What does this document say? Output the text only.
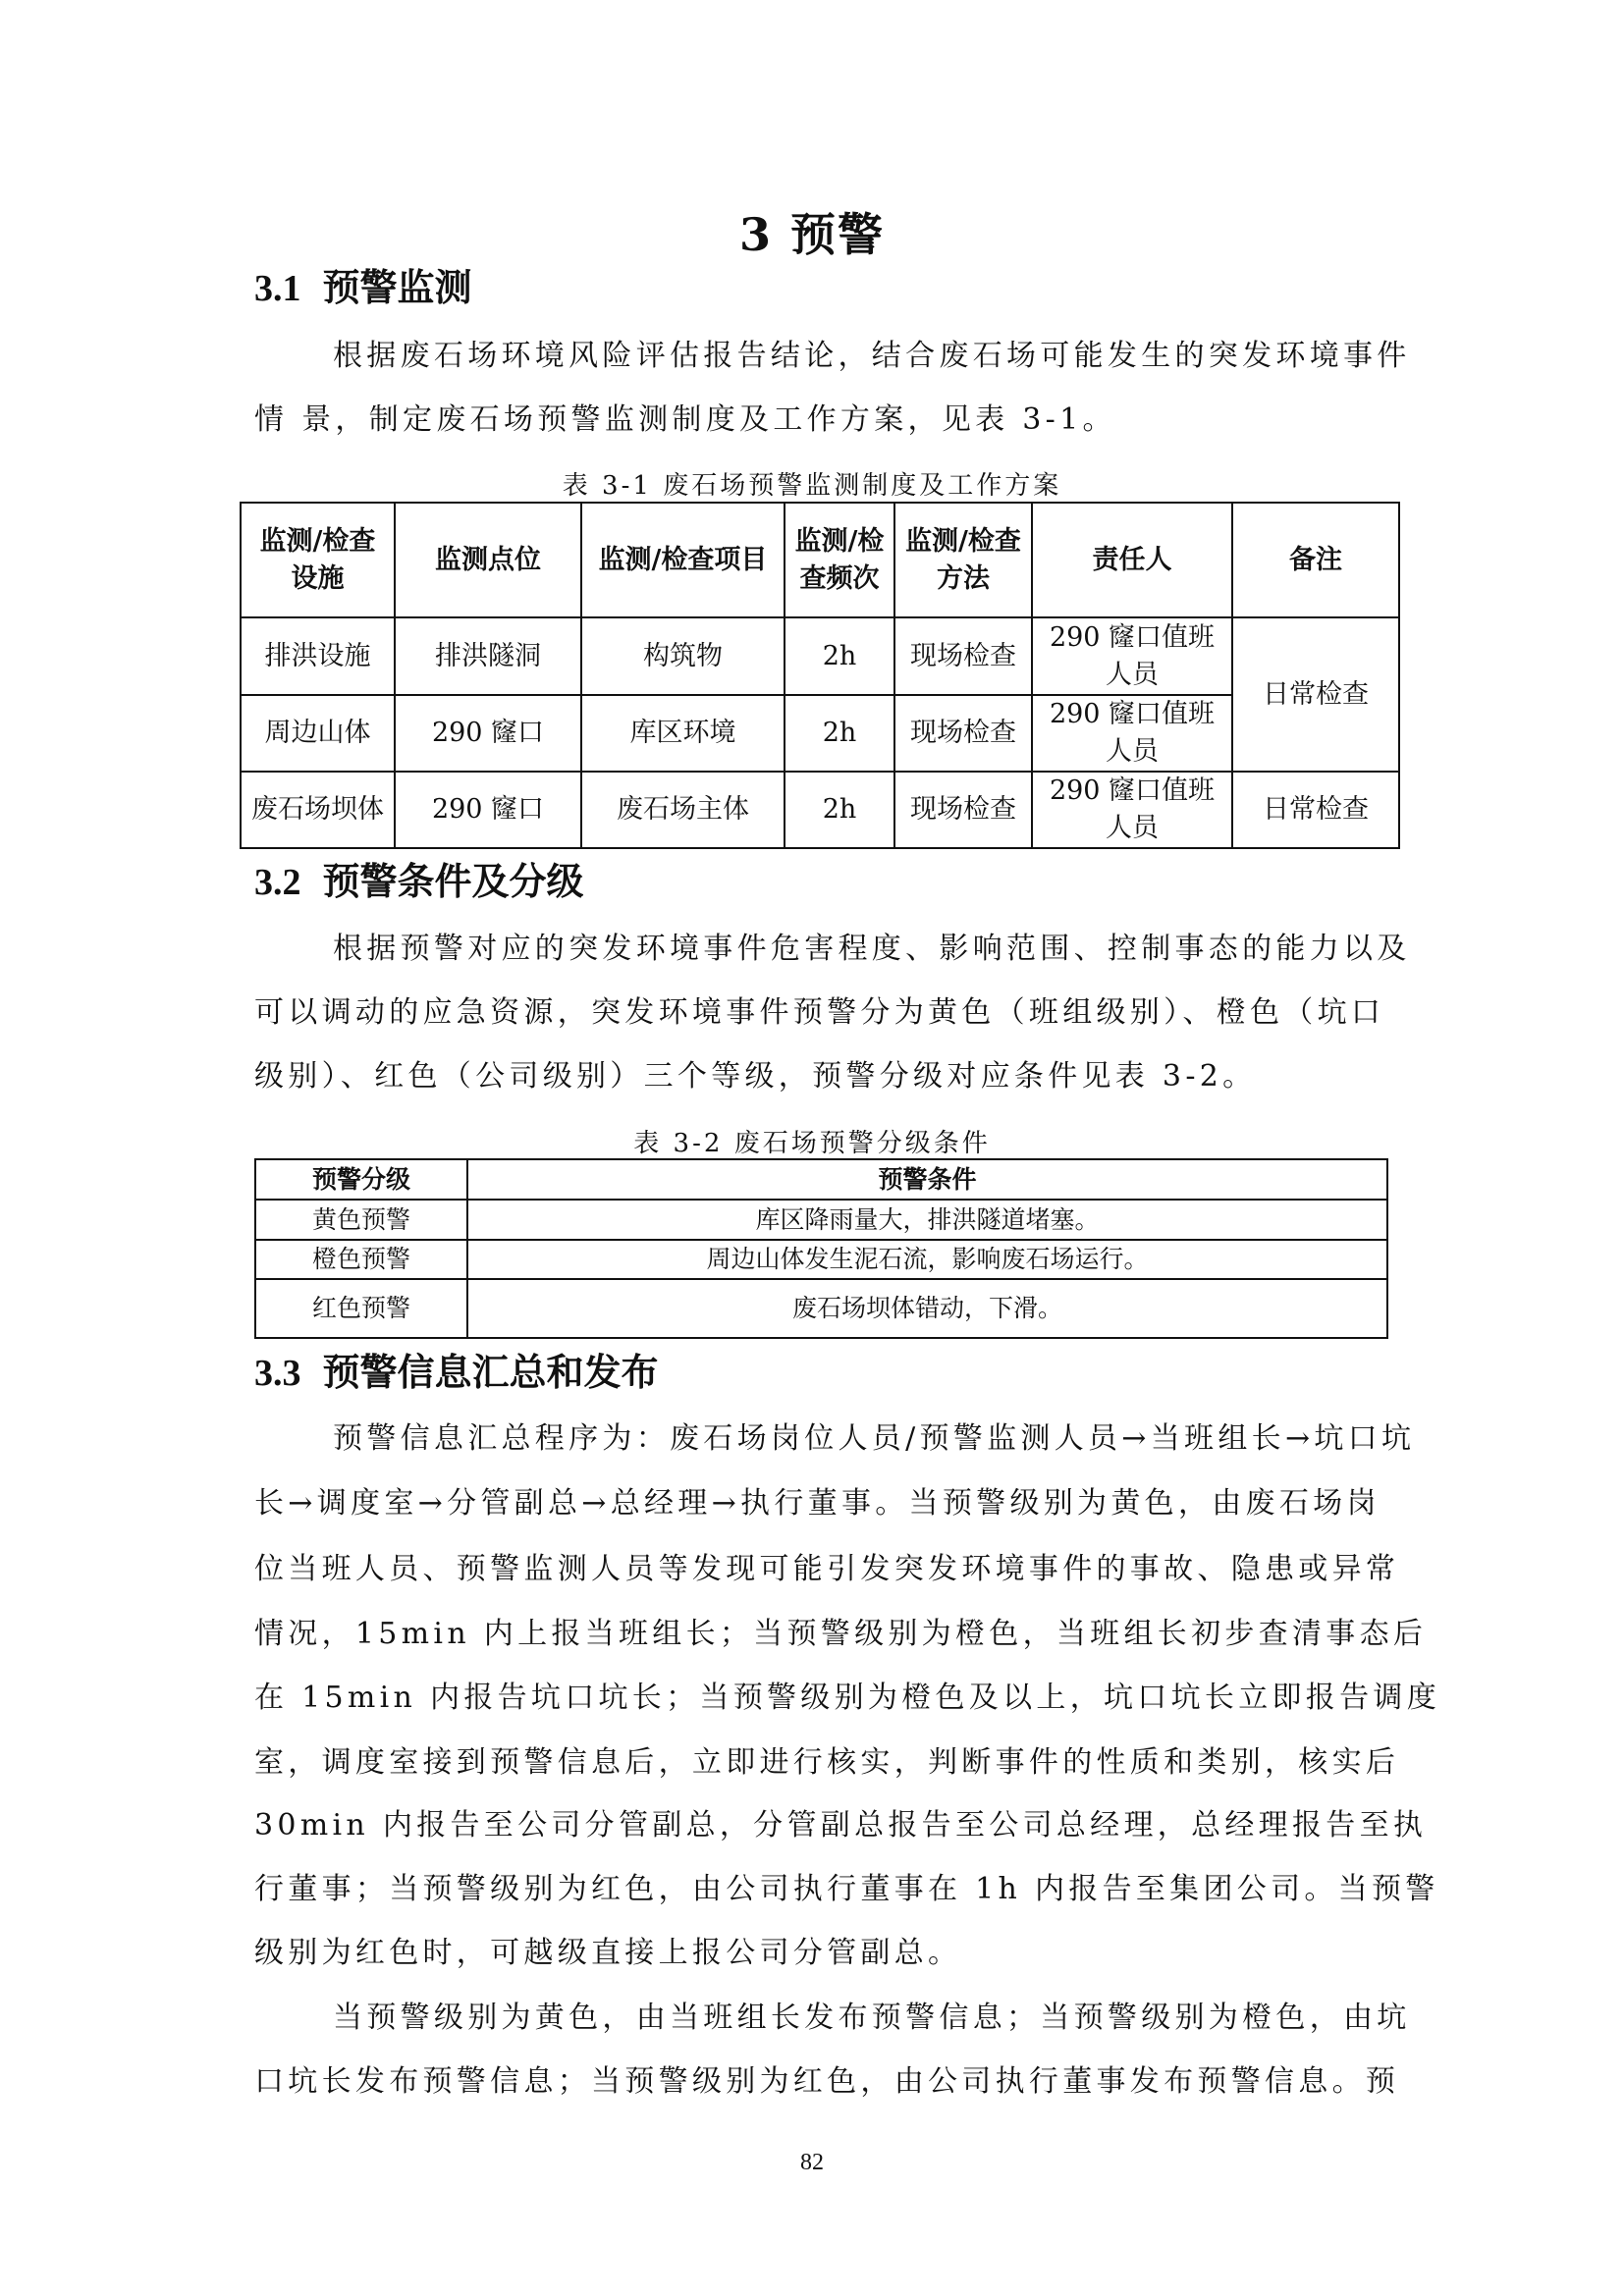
3 预警
3.1 预警监测
根据废石场环境风险评估报告结论，结合废石场可能发生的突发环境事件
情 景，制定废石场预警监测制度及工作方案，见表 3-1。
表 3-1 废石场预警监测制度及工作方案
监测/检查设施	监测点位	监测/检查项目	监测/检查频次	监测/检查方法	责任人	备注
排洪设施	排洪隧洞	构筑物	2h	现场检查	290 窿口值班人员	日常检查
周边山体	290 窿口	库区环境	2h	现场检查	290 窿口值班人员	
废石场坝体	290 窿口	废石场主体	2h	现场检查	290 窿口值班人员	日常检查
3.2 预警条件及分级
根据预警对应的突发环境事件危害程度、影响范围、控制事态的能力以及
可以调动的应急资源，突发环境事件预警分为黄色（班组级别）、橙色（坑口
级别）、红色（公司级别）三个等级，预警分级对应条件见表 3-2。
表 3-2 废石场预警分级条件
预警分级	预警条件
黄色预警	库区降雨量大，排洪隧道堵塞。
橙色预警	周边山体发生泥石流，影响废石场运行。
红色预警	废石场坝体错动，下滑。
3.3 预警信息汇总和发布
预警信息汇总程序为：废石场岗位人员/预警监测人员→当班组长→坑口坑
长→调度室→分管副总→总经理→执行董事。当预警级别为黄色，由废石场岗
位当班人员、预警监测人员等发现可能引发突发环境事件的事故、隐患或异常
情况，15min 内上报当班组长；当预警级别为橙色，当班组长初步查清事态后
在 15min 内报告坑口坑长；当预警级别为橙色及以上，坑口坑长立即报告调度
室，调度室接到预警信息后，立即进行核实，判断事件的性质和类别，核实后
30min 内报告至公司分管副总，分管副总报告至公司总经理，总经理报告至执
行董事；当预警级别为红色，由公司执行董事在 1h 内报告至集团公司。当预警
级别为红色时，可越级直接上报公司分管副总。
当预警级别为黄色，由当班组长发布预警信息；当预警级别为橙色，由坑
口坑长发布预警信息；当预警级别为红色，由公司执行董事发布预警信息。预
82
